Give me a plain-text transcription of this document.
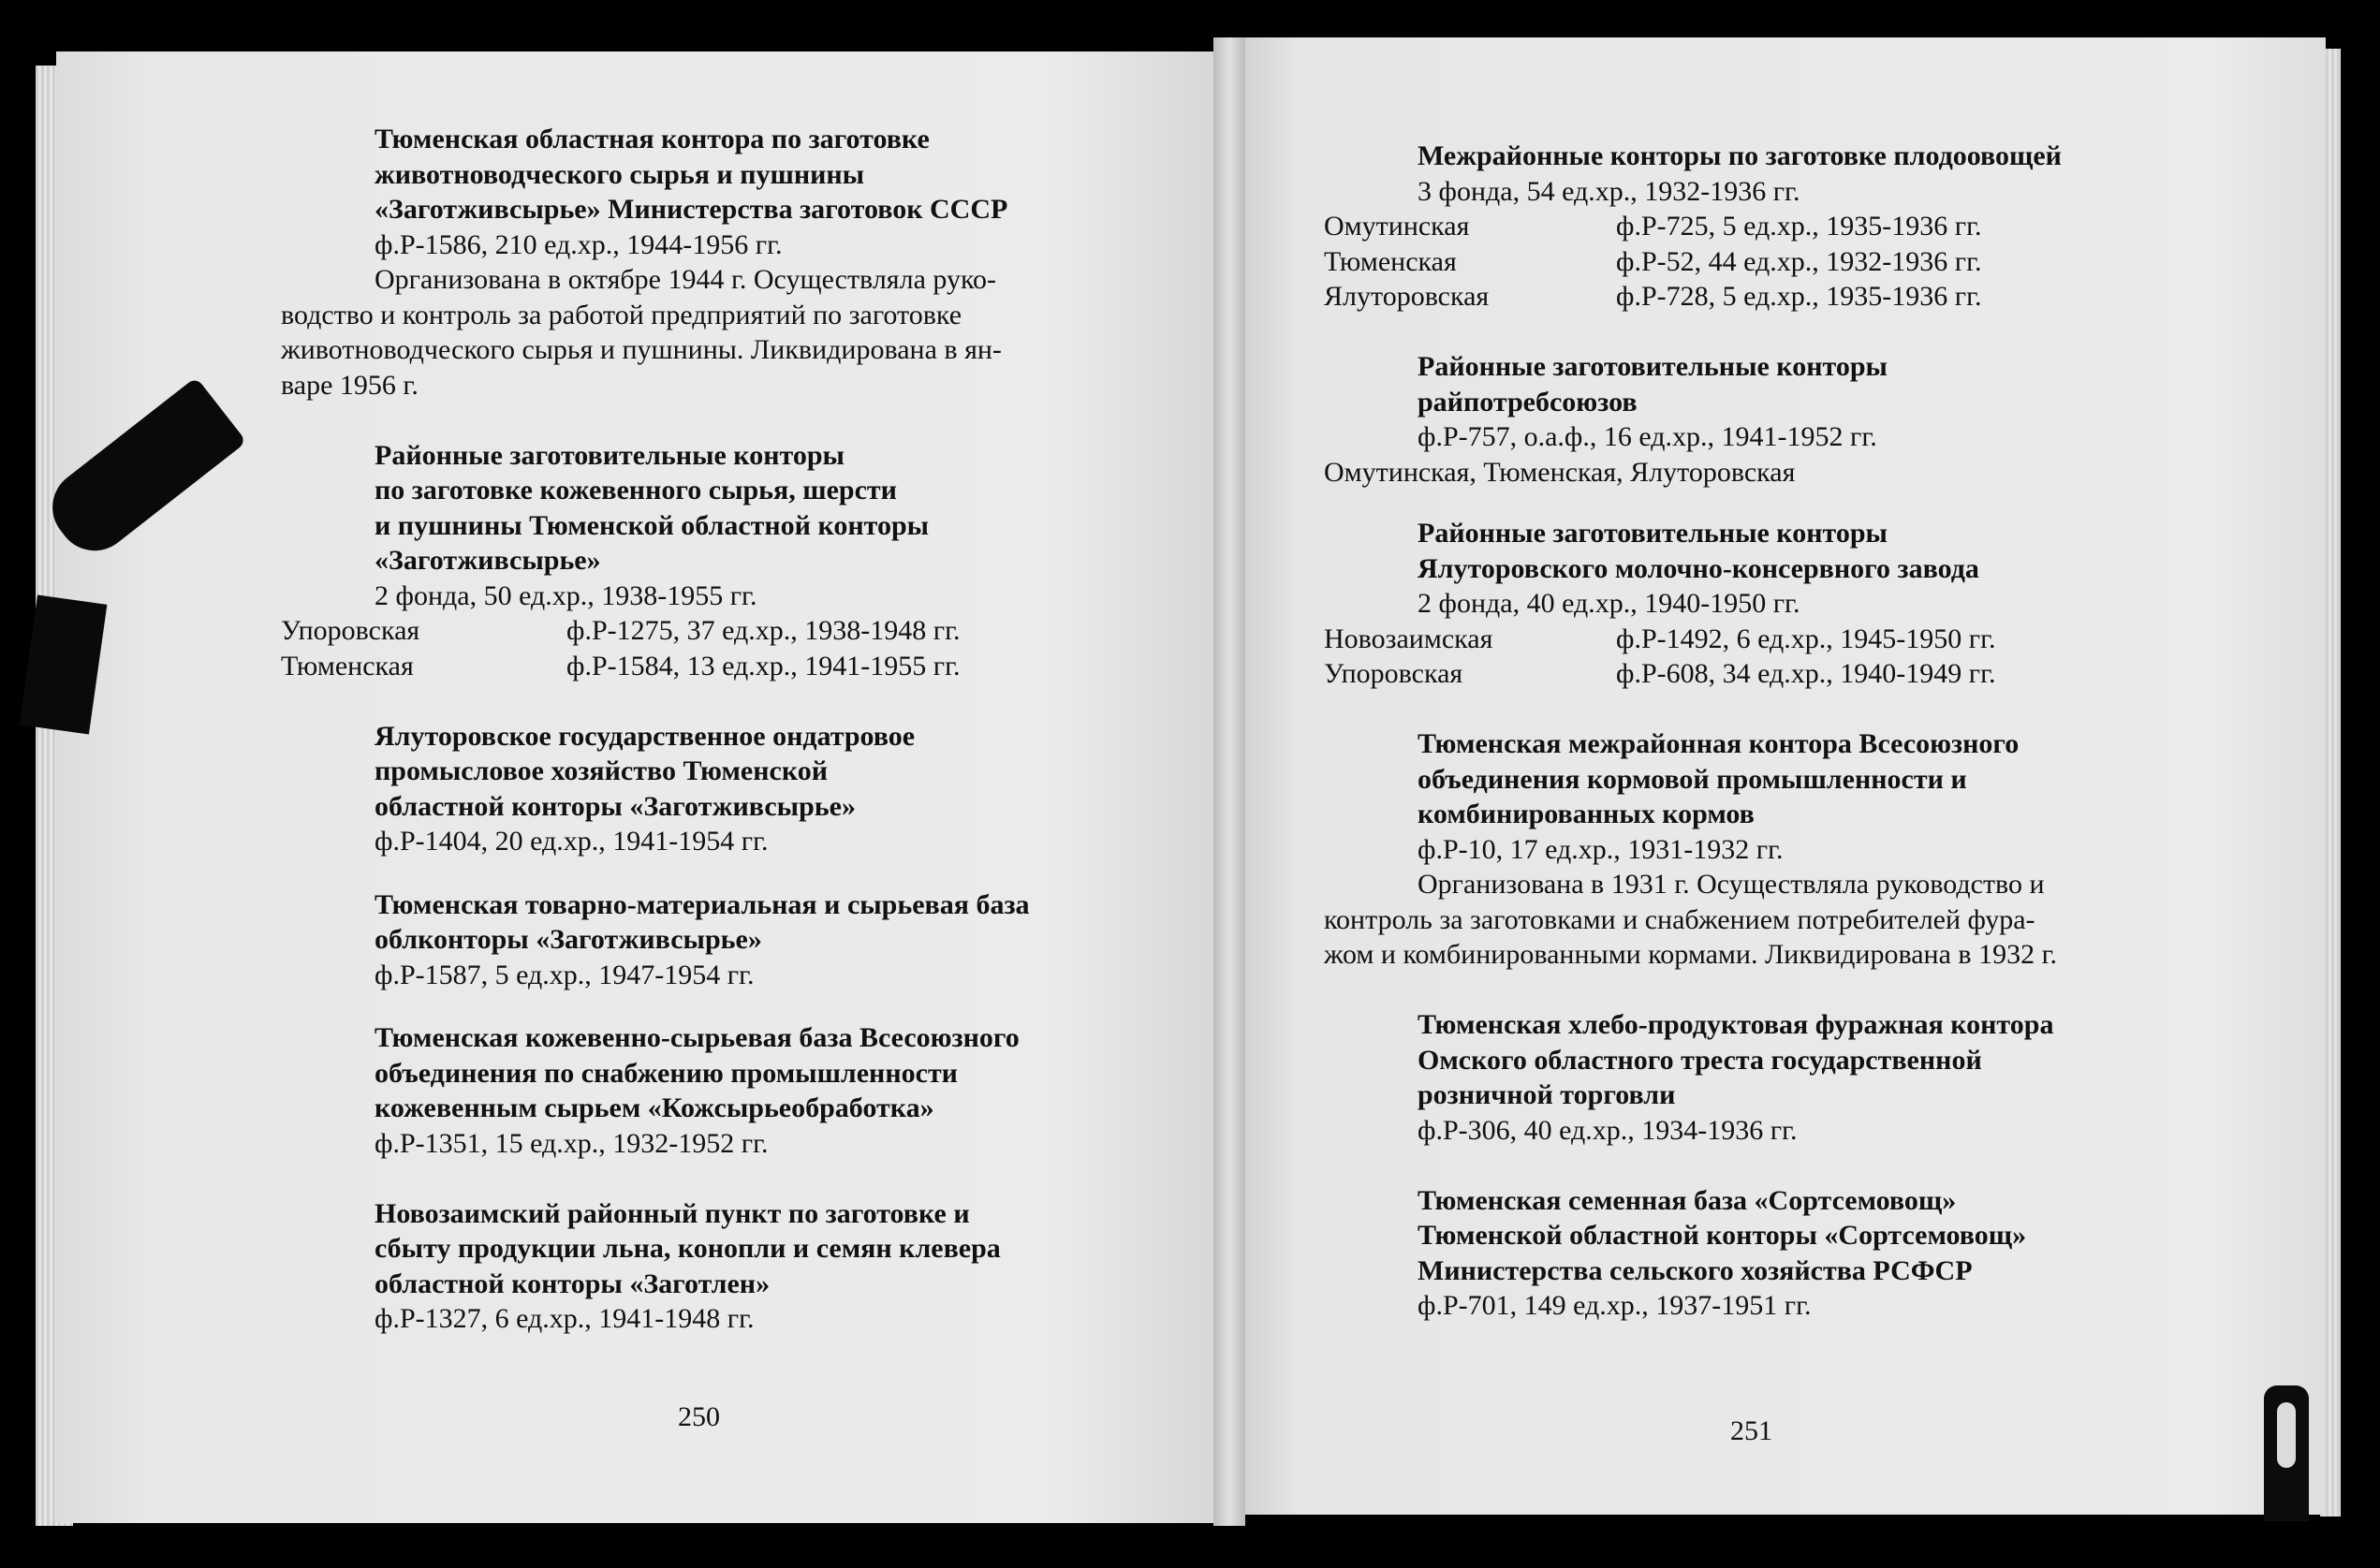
Тюменская областная контора по заготовке

животноводческого сырья и пушнины

«Заготживсырье» Министерства заготовок СССР

ф.Р-1586, 210 ед.хр., 1944-1956 гг.

Организована в октябре 1944 г. Осуществляла руко-

водство и контроль за работой предприятий по заготовке

животноводческого сырья и пушнины. Ликвидирована в ян-

варе 1956 г.

Районные заготовительные конторы

по заготовке кожевенного сырья, шерсти

и пушнины Тюменской областной конторы

«Заготживсырье»

2 фонда, 50 ед.хр., 1938-1955 гг.

Упоровская	ф.Р-1275, 37 ед.хр., 1938-1948 гг.
Тюменская	ф.Р-1584, 13 ед.хр., 1941-1955 гг.

Ялуторовское государственное ондатровое

промысловое хозяйство Тюменской

областной конторы «Заготживсырье»

ф.Р-1404, 20 ед.хр., 1941-1954 гг.

Тюменская товарно-материальная и сырьевая база

облконторы «Заготживсырье»

ф.Р-1587, 5 ед.хр., 1947-1954 гг.

Тюменская кожевенно-сырьевая база Всесоюзного

объединения по снабжению промышленности

кожевенным сырьем «Кожсырьеобработка»

ф.Р-1351, 15 ед.хр., 1932-1952 гг.

Новозаимский районный пункт по заготовке и

сбыту продукции льна, конопли и семян клевера

областной конторы «Заготлен»

ф.Р-1327, 6 ед.хр., 1941-1948 гг.

250

Межрайонные конторы по заготовке плодоовощей

3 фонда, 54 ед.хр., 1932-1936 гг.

Омутинская	ф.Р-725, 5 ед.хр., 1935-1936 гг.
Тюменская	ф.Р-52, 44 ед.хр., 1932-1936 гг.
Ялуторовская	ф.Р-728, 5 ед.хр., 1935-1936 гг.

Районные заготовительные конторы

райпотребсоюзов

ф.Р-757, о.а.ф., 16 ед.хр., 1941-1952 гг.

Омутинская, Тюменская, Ялуторовская

Районные заготовительные конторы

Ялуторовского молочно-консервного завода

2 фонда, 40 ед.хр., 1940-1950 гг.

Новозаимская	ф.Р-1492, 6 ед.хр., 1945-1950 гг.
Упоровская	ф.Р-608, 34 ед.хр., 1940-1949 гг.

Тюменская межрайонная контора Всесоюзного

объединения кормовой промышленности и

комбинированных кормов

ф.Р-10, 17 ед.хр., 1931-1932 гг.

Организована в 1931 г. Осуществляла руководство и

контроль за заготовками и снабжением потребителей фура-

жом и комбинированными кормами. Ликвидирована в 1932 г.

Тюменская хлебо-продуктовая фуражная контора

Омского областного треста государственной

розничной торговли

ф.Р-306, 40 ед.хр., 1934-1936 гг.

Тюменская семенная база «Сортсемовощ»

Тюменской областной конторы «Сортсемовощ»

Министерства сельского хозяйства РСФСР

ф.Р-701, 149 ед.хр., 1937-1951 гг.

251
